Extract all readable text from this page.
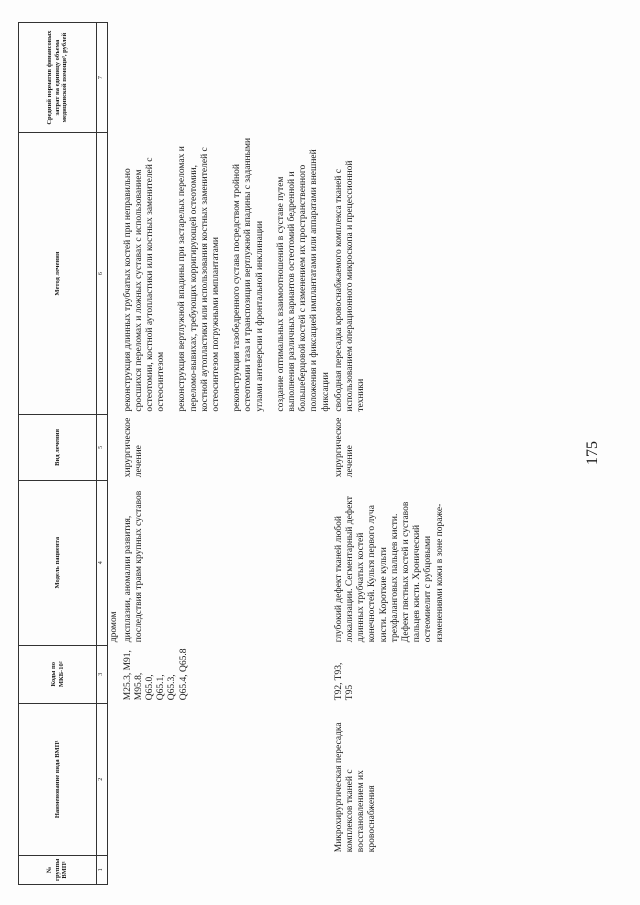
№ группы ВМП¹	Наименование вида ВМП¹	Коды по МКБ-10²	Модель пациента	Вид лечения	Метод лечения	Средний норматив финансовых затрат на единицу объема медицинской помощи³, рублей
1	2	3	4	5	6	7
			дромом			
		M25.3, M91, M95.8, Q65.0, Q65.1, Q65.3, Q65.4, Q65.8	дисплазии, аномалии развития, последствия травм крупных суставов	хирургическое лечение	реконструкция длинных трубчатых костей при неправильно сросшихся переломах и ложных суставах с использованием остеотомии, костной аутопластики или костных заменителей с остеосинтезом реконструкция вертлужной впадины при застарелых переломах и переломо-вывихах, требующих корригирующей остеотомии, костной аутопластики или использования костных заменителей с остеосинтезом погружными имплантатами реконструкция тазобедренного сустава посредством тройной остеотомии таза и транспозиции вертлужной впадины с заданными углами антеверсии и фронтальной инклинации создание оптимальных взаимоотношений в суставе путем выполнения различных вариантов остеотомий бедренной и большеберцовой костей с изменением их пространственного положения и фиксацией имплантатами или аппаратами внешней фиксации	

	Микрохирургическая пересадка комплексов тканей с восстановлением их кровоснабжения	T92, T93, T95	глубокий дефект тканей любой локализации. Сегментарный дефект длинных трубчатых костей конечностей. Культя первого луча кисти. Короткие культи трехфаланговых пальцев кисти. Дефект пястных костей и суставов пальцев кисти. Хронический остеомиелит с рубцовыми изменениями кожи в зоне пораже-	хирургическое лечение	свободная пересадка кровоснабжаемого комплекса тканей с использованием операционного микроскопа и прецессионной техники	
175
